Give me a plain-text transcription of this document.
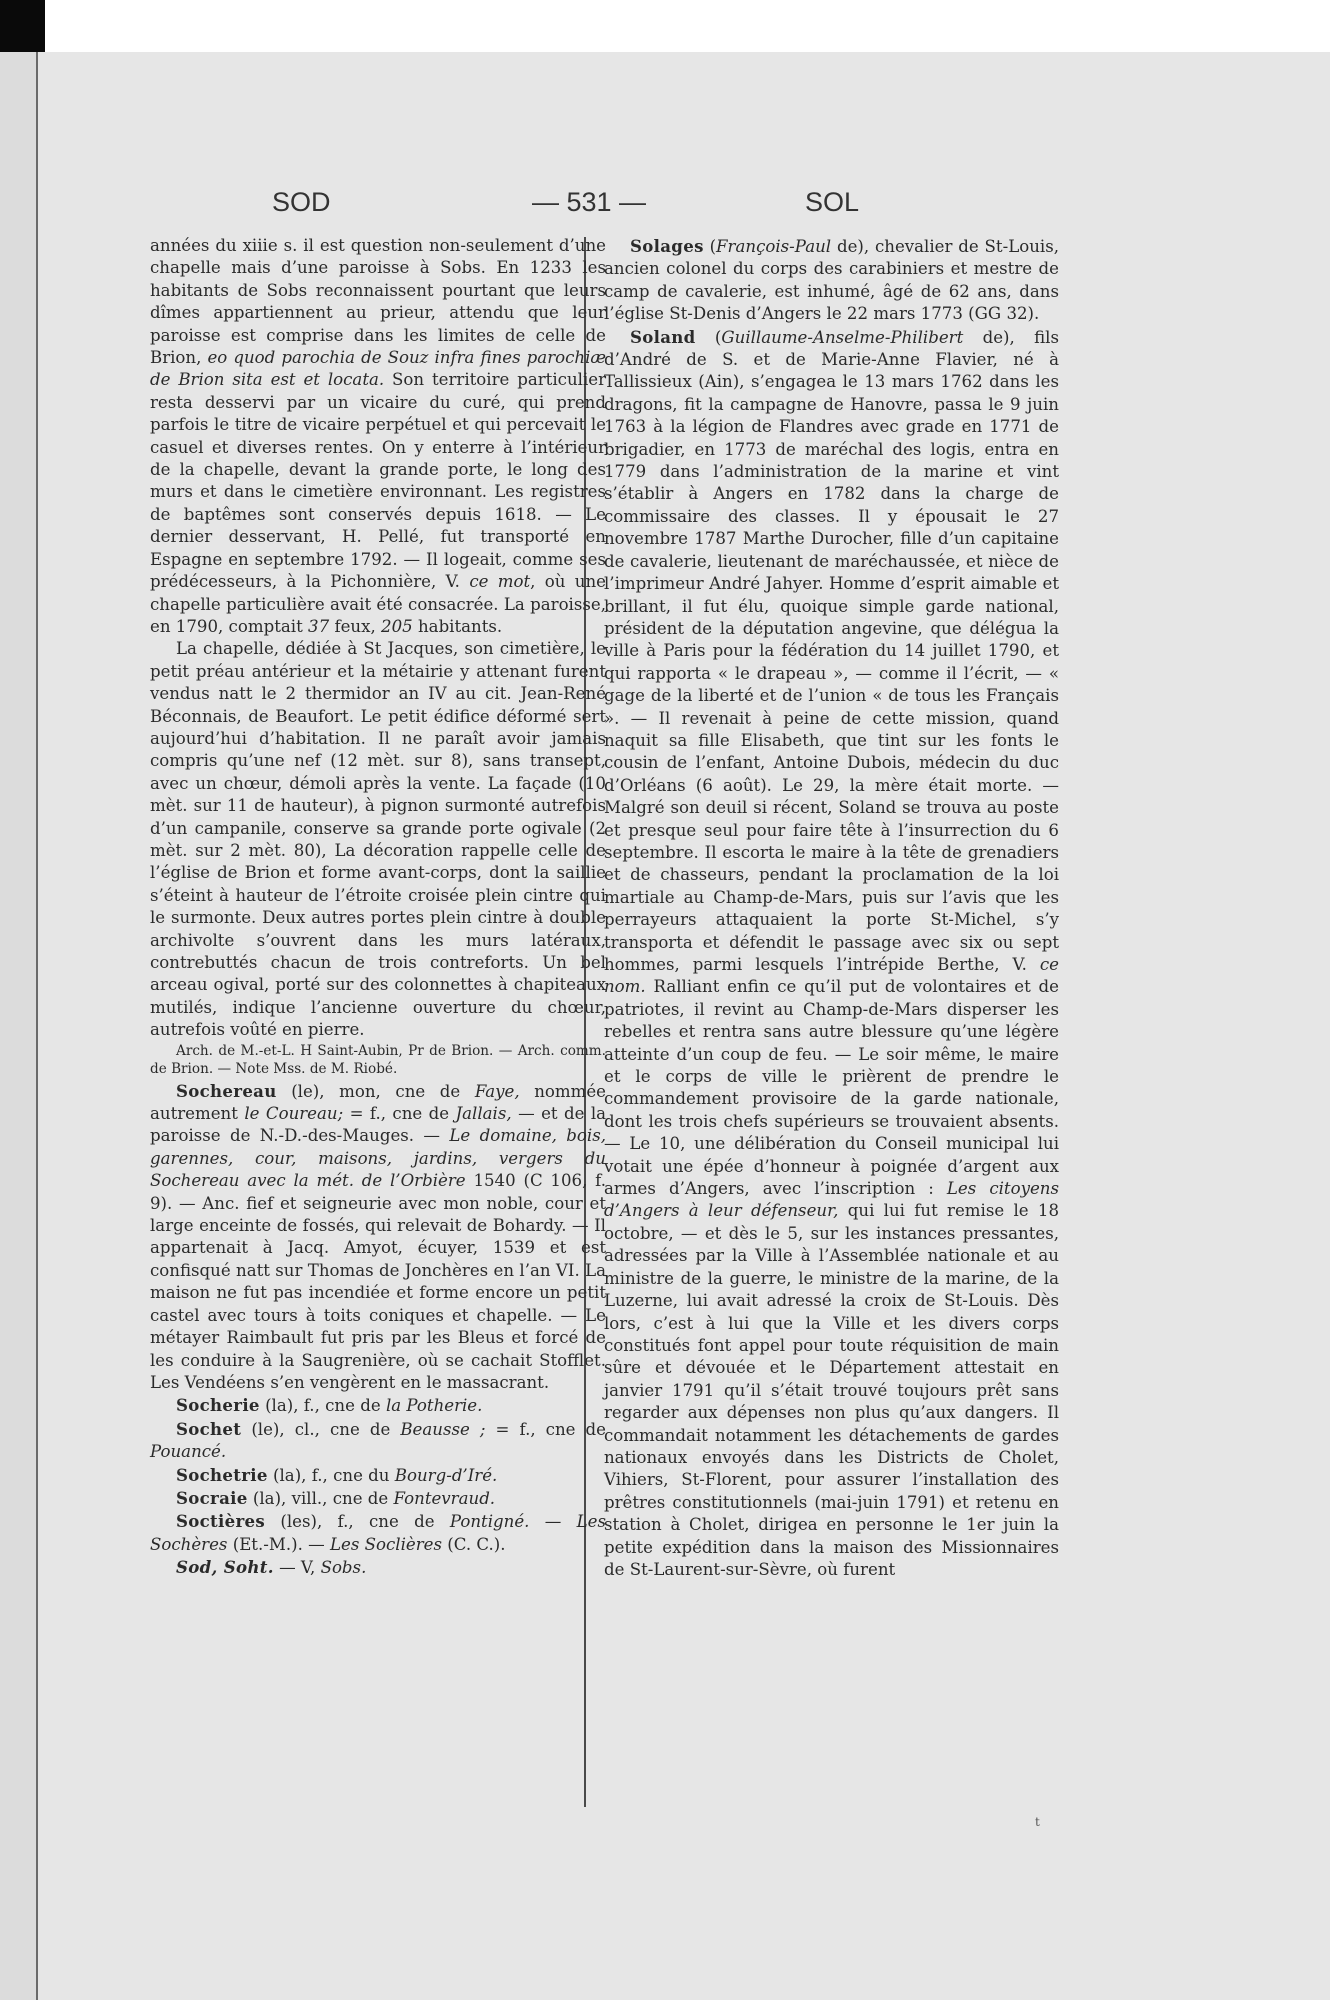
SOD	— 531 —	SOL

années du xiiie s. il est question non-seulement d’une chapelle mais d’une paroisse à Sobs. En 1233 les habitants de Sobs reconnaissent pourtant que leurs dîmes appartiennent au prieur, attendu que leur paroisse est comprise dans les limites de celle de Brion, eo quod parochia de Souz infra fines parochiæ de Brion sita est et locata. Son territoire particulier resta desservi par un vicaire du curé, qui prend parfois le titre de vicaire perpétuel et qui percevait le casuel et diverses rentes. On y enterre à l’intérieur de la chapelle, devant la grande porte, le long des murs et dans le cimetière environnant. Les registres de baptêmes sont conservés depuis 1618. — Le dernier desservant, H. Pellé, fut transporté en Espagne en septembre 1792. — Il logeait, comme ses prédécesseurs, à la Pichonnière, V. ce mot, où une chapelle particulière avait été consacrée. La paroisse, en 1790, comptait 37 feux, 205 habitants.

La chapelle, dédiée à St Jacques, son cimetière, le petit préau antérieur et la métairie y attenant furent vendus natt le 2 thermidor an IV au cit. Jean-René Béconnais, de Beaufort. Le petit édifice déformé sert aujourd’hui d’habitation. Il ne paraît avoir jamais compris qu’une nef (12 mèt. sur 8), sans transept, avec un chœur, démoli après la vente. La façade (10 mèt. sur 11 de hauteur), à pignon surmonté autrefois d’un campanile, conserve sa grande porte ogivale (2 mèt. sur 2 mèt. 80), La décoration rappelle celle de l’église de Brion et forme avant-corps, dont la saillie s’éteint à hauteur de l’étroite croisée plein cintre qui le surmonte. Deux autres portes plein cintre à double archivolte s’ouvrent dans les murs latéraux, contrebuttés chacun de trois contreforts. Un bel arceau ogival, porté sur des colonnettes à chapiteaux mutilés, indique l’ancienne ouverture du chœur, autrefois voûté en pierre.

Arch. de M.-et-L. H Saint-Aubin, Pr de Brion. — Arch. comm. de Brion. — Note Mss. de M. Riobé.

Sochereau (le), mon, cne de Faye, nommée autrement le Coureau; = f., cne de Jallais, — et de la paroisse de N.-D.-des-Mauges. — Le domaine, bois, garennes, cour, maisons, jardins, vergers du Sochereau avec la mét. de l’Orbière 1540 (C 106, f. 9). — Anc. fief et seigneurie avec mon noble, cour et large enceinte de fossés, qui relevait de Bohardy. — Il appartenait à Jacq. Amyot, écuyer, 1539 et est confisqué natt sur Thomas de Jonchères en l’an VI. La maison ne fut pas incendiée et forme encore un petit castel avec tours à toits coniques et chapelle. — Le métayer Raimbault fut pris par les Bleus et forcé de les conduire à la Saugrenière, où se cachait Stofflet. Les Vendéens s’en vengèrent en le massacrant.

Socherie (la), f., cne de la Potherie.

Sochet (le), cl., cne de Beausse ; = f., cne de Pouancé.

Sochetrie (la), f., cne du Bourg-d’Iré.

Socraie (la), vill., cne de Fontevraud.

Soctières (les), f., cne de Pontigné. — Les Sochères (Et.-M.). — Les Soclières (C. C.).

Sod, Soht. — V, Sobs.

Solages (François-Paul de), chevalier de St-Louis, ancien colonel du corps des carabiniers et mestre de camp de cavalerie, est inhumé, âgé de 62 ans, dans l’église St-Denis d’Angers le 22 mars 1773 (GG 32).

Soland (Guillaume-Anselme-Philibert de), fils d’André de S. et de Marie-Anne Flavier, né à Tallissieux (Ain), s’engagea le 13 mars 1762 dans les dragons, fit la campagne de Hanovre, passa le 9 juin 1763 à la légion de Flandres avec grade en 1771 de brigadier, en 1773 de maréchal des logis, entra en 1779 dans l’administration de la marine et vint s’établir à Angers en 1782 dans la charge de commissaire des classes. Il y épousait le 27 novembre 1787 Marthe Durocher, fille d’un capitaine de cavalerie, lieutenant de maréchaussée, et nièce de l’imprimeur André Jahyer. Homme d’esprit aimable et brillant, il fut élu, quoique simple garde national, président de la députation angevine, que délégua la ville à Paris pour la fédération du 14 juillet 1790, et qui rapporta « le drapeau », — comme il l’écrit, — « gage de la liberté et de l’union « de tous les Français ». — Il revenait à peine de cette mission, quand naquit sa fille Elisabeth, que tint sur les fonts le cousin de l’enfant, Antoine Dubois, médecin du duc d’Orléans (6 août). Le 29, la mère était morte. — Malgré son deuil si récent, Soland se trouva au poste et presque seul pour faire tête à l’insurrection du 6 septembre. Il escorta le maire à la tête de grenadiers et de chasseurs, pendant la proclamation de la loi martiale au Champ-de-Mars, puis sur l’avis que les perrayeurs attaquaient la porte St-Michel, s’y transporta et défendit le passage avec six ou sept hommes, parmi lesquels l’intrépide Berthe, V. ce nom. Ralliant enfin ce qu’il put de volontaires et de patriotes, il revint au Champ-de-Mars disperser les rebelles et rentra sans autre blessure qu’une légère atteinte d’un coup de feu. — Le soir même, le maire et le corps de ville le prièrent de prendre le commandement provisoire de la garde nationale, dont les trois chefs supérieurs se trouvaient absents. — Le 10, une délibération du Conseil municipal lui votait une épée d’honneur à poignée d’argent aux armes d’Angers, avec l’inscription : Les citoyens d’Angers à leur défenseur, qui lui fut remise le 18 octobre, — et dès le 5, sur les instances pressantes, adressées par la Ville à l’Assemblée nationale et au ministre de la guerre, le ministre de la marine, de la Luzerne, lui avait adressé la croix de St-Louis. Dès lors, c’est à lui que la Ville et les divers corps constitués font appel pour toute réquisition de main sûre et dévouée et le Département attestait en janvier 1791 qu’il s’était trouvé toujours prêt sans regarder aux dépenses non plus qu’aux dangers. Il commandait notamment les détachements de gardes nationaux envoyés dans les Districts de Cholet, Vihiers, St-Florent, pour assurer l’installation des prêtres constitutionnels (mai-juin 1791) et retenu en station à Cholet, dirigea en personne le 1er juin la petite expédition dans la maison des Missionnaires de St-Laurent-sur-Sèvre, où furent

t
